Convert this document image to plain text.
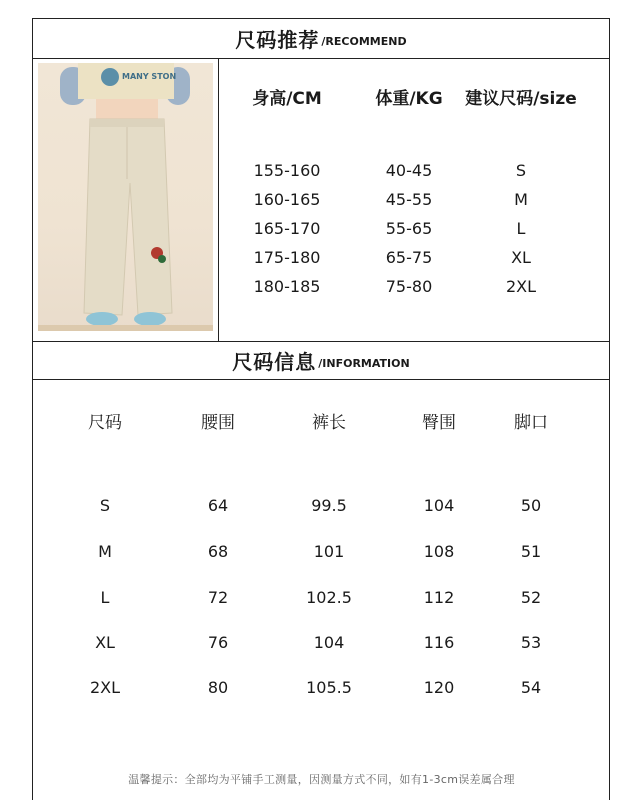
尺码推荐 /RECOMMEND
MANY STON
身高/CM	体重/KG 建议尺码/size
155-160	40-45	S
160-165	45-55	M
165-170	55-65	L
175-180	65-75	XL
180-185	75-80	2XL
尺码信息 /INFORMATION
尺码	腰围	裤长	臀围	脚口
S	64	99.5	104	50
M	68	101	108	51
L	72	102.5	112	52
XL	76	104	116	53
2XL	80	105.5	120	54
温馨提示：全部均为平铺手工测量，因测量方式不同，如有1-3cm误差属合理
